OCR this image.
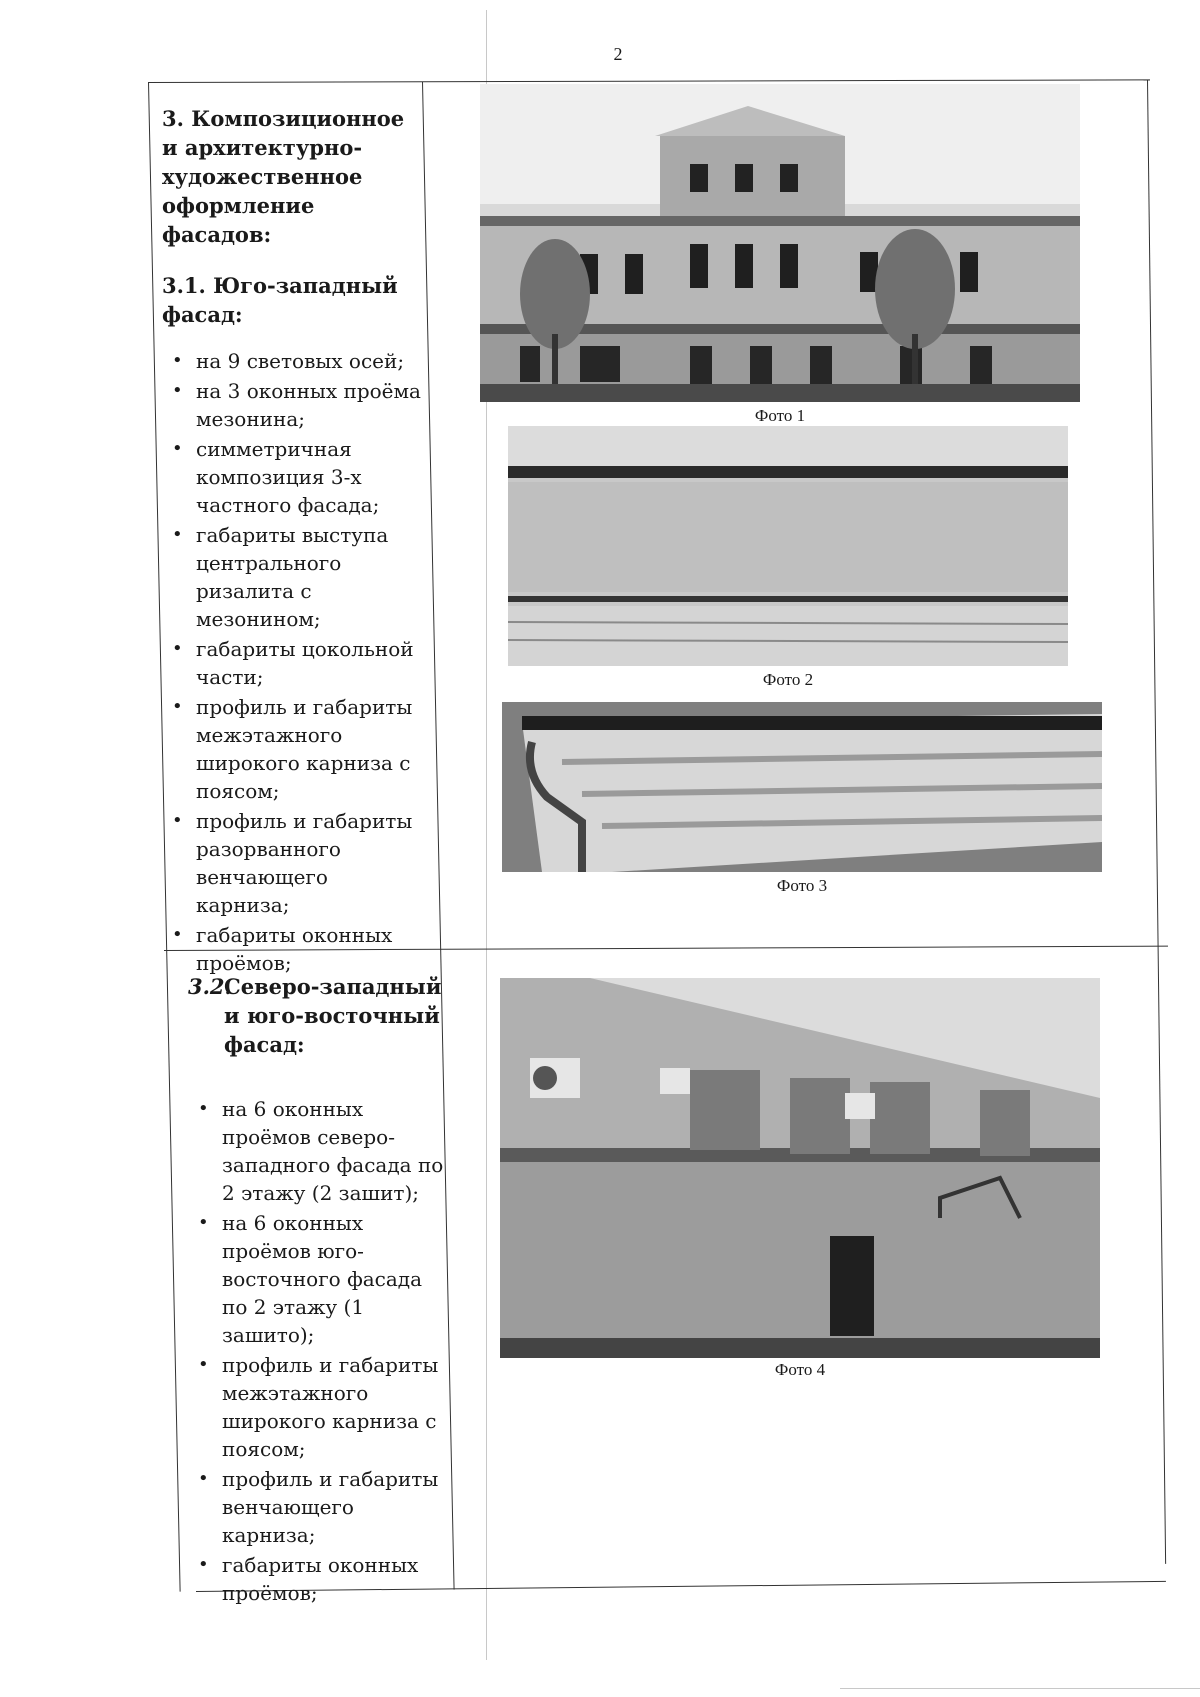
2
3. Композиционное и архитектурно-художественное оформление фасадов:
3.1. Юго-западный фасад:
• на 9 световых осей;
• на 3 оконных проёма мезонина;
• симметричная композиция 3-х частного фасада;
• габариты выступа центрального ризалита с мезонином;
• габариты цокольной части;
• профиль и габариты межэтажного широкого карниза с поясом;
• профиль и габариты разорванного венчающего карниза;
• габариты оконных проёмов;
3.2.
Северо-западный и юго-восточный фасад:
• на 6 оконных проёмов северо-западного фасада по 2 этажу (2 зашит);
• на 6 оконных проёмов юго-восточного фасада по 2 этажу (1 зашито);
• профиль и габариты межэтажного широкого карниза с поясом;
• профиль и габариты венчающего карниза;
• габариты оконных проёмов;
Фото 1
Фото 2
Фото 3
Фото 4
